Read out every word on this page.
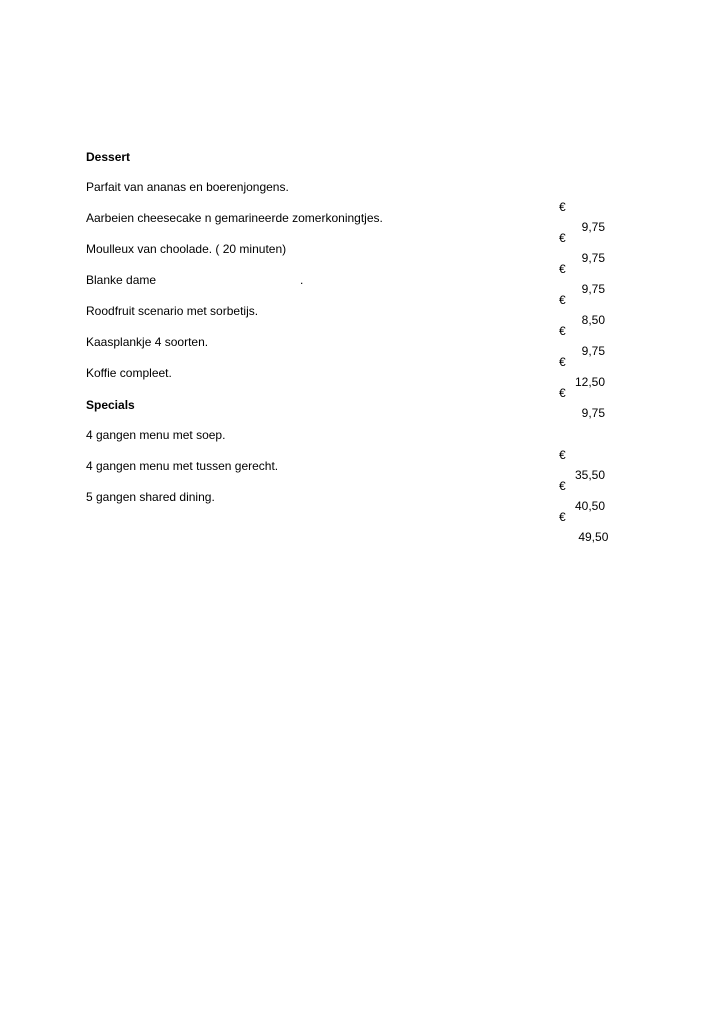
Dessert
Parfait van ananas en boerenjongens.

€

9,75

Aarbeien cheesecake n gemarineerde zomerkoningtjes.

€

9,75

Moulleux van choolade. ( 20 minuten)

€

9,75

Blanke dame	.

€

8,50

Roodfruit scenario met sorbetijs.

€

9,75

Kaasplankje 4 soorten.

€

12,50

Koffie compleet.

€

9,75

Specials
4 gangen menu met soep.

€

35,50

4 gangen menu met tussen gerecht.

€

40,50

5 gangen shared dining.

€

49,50
